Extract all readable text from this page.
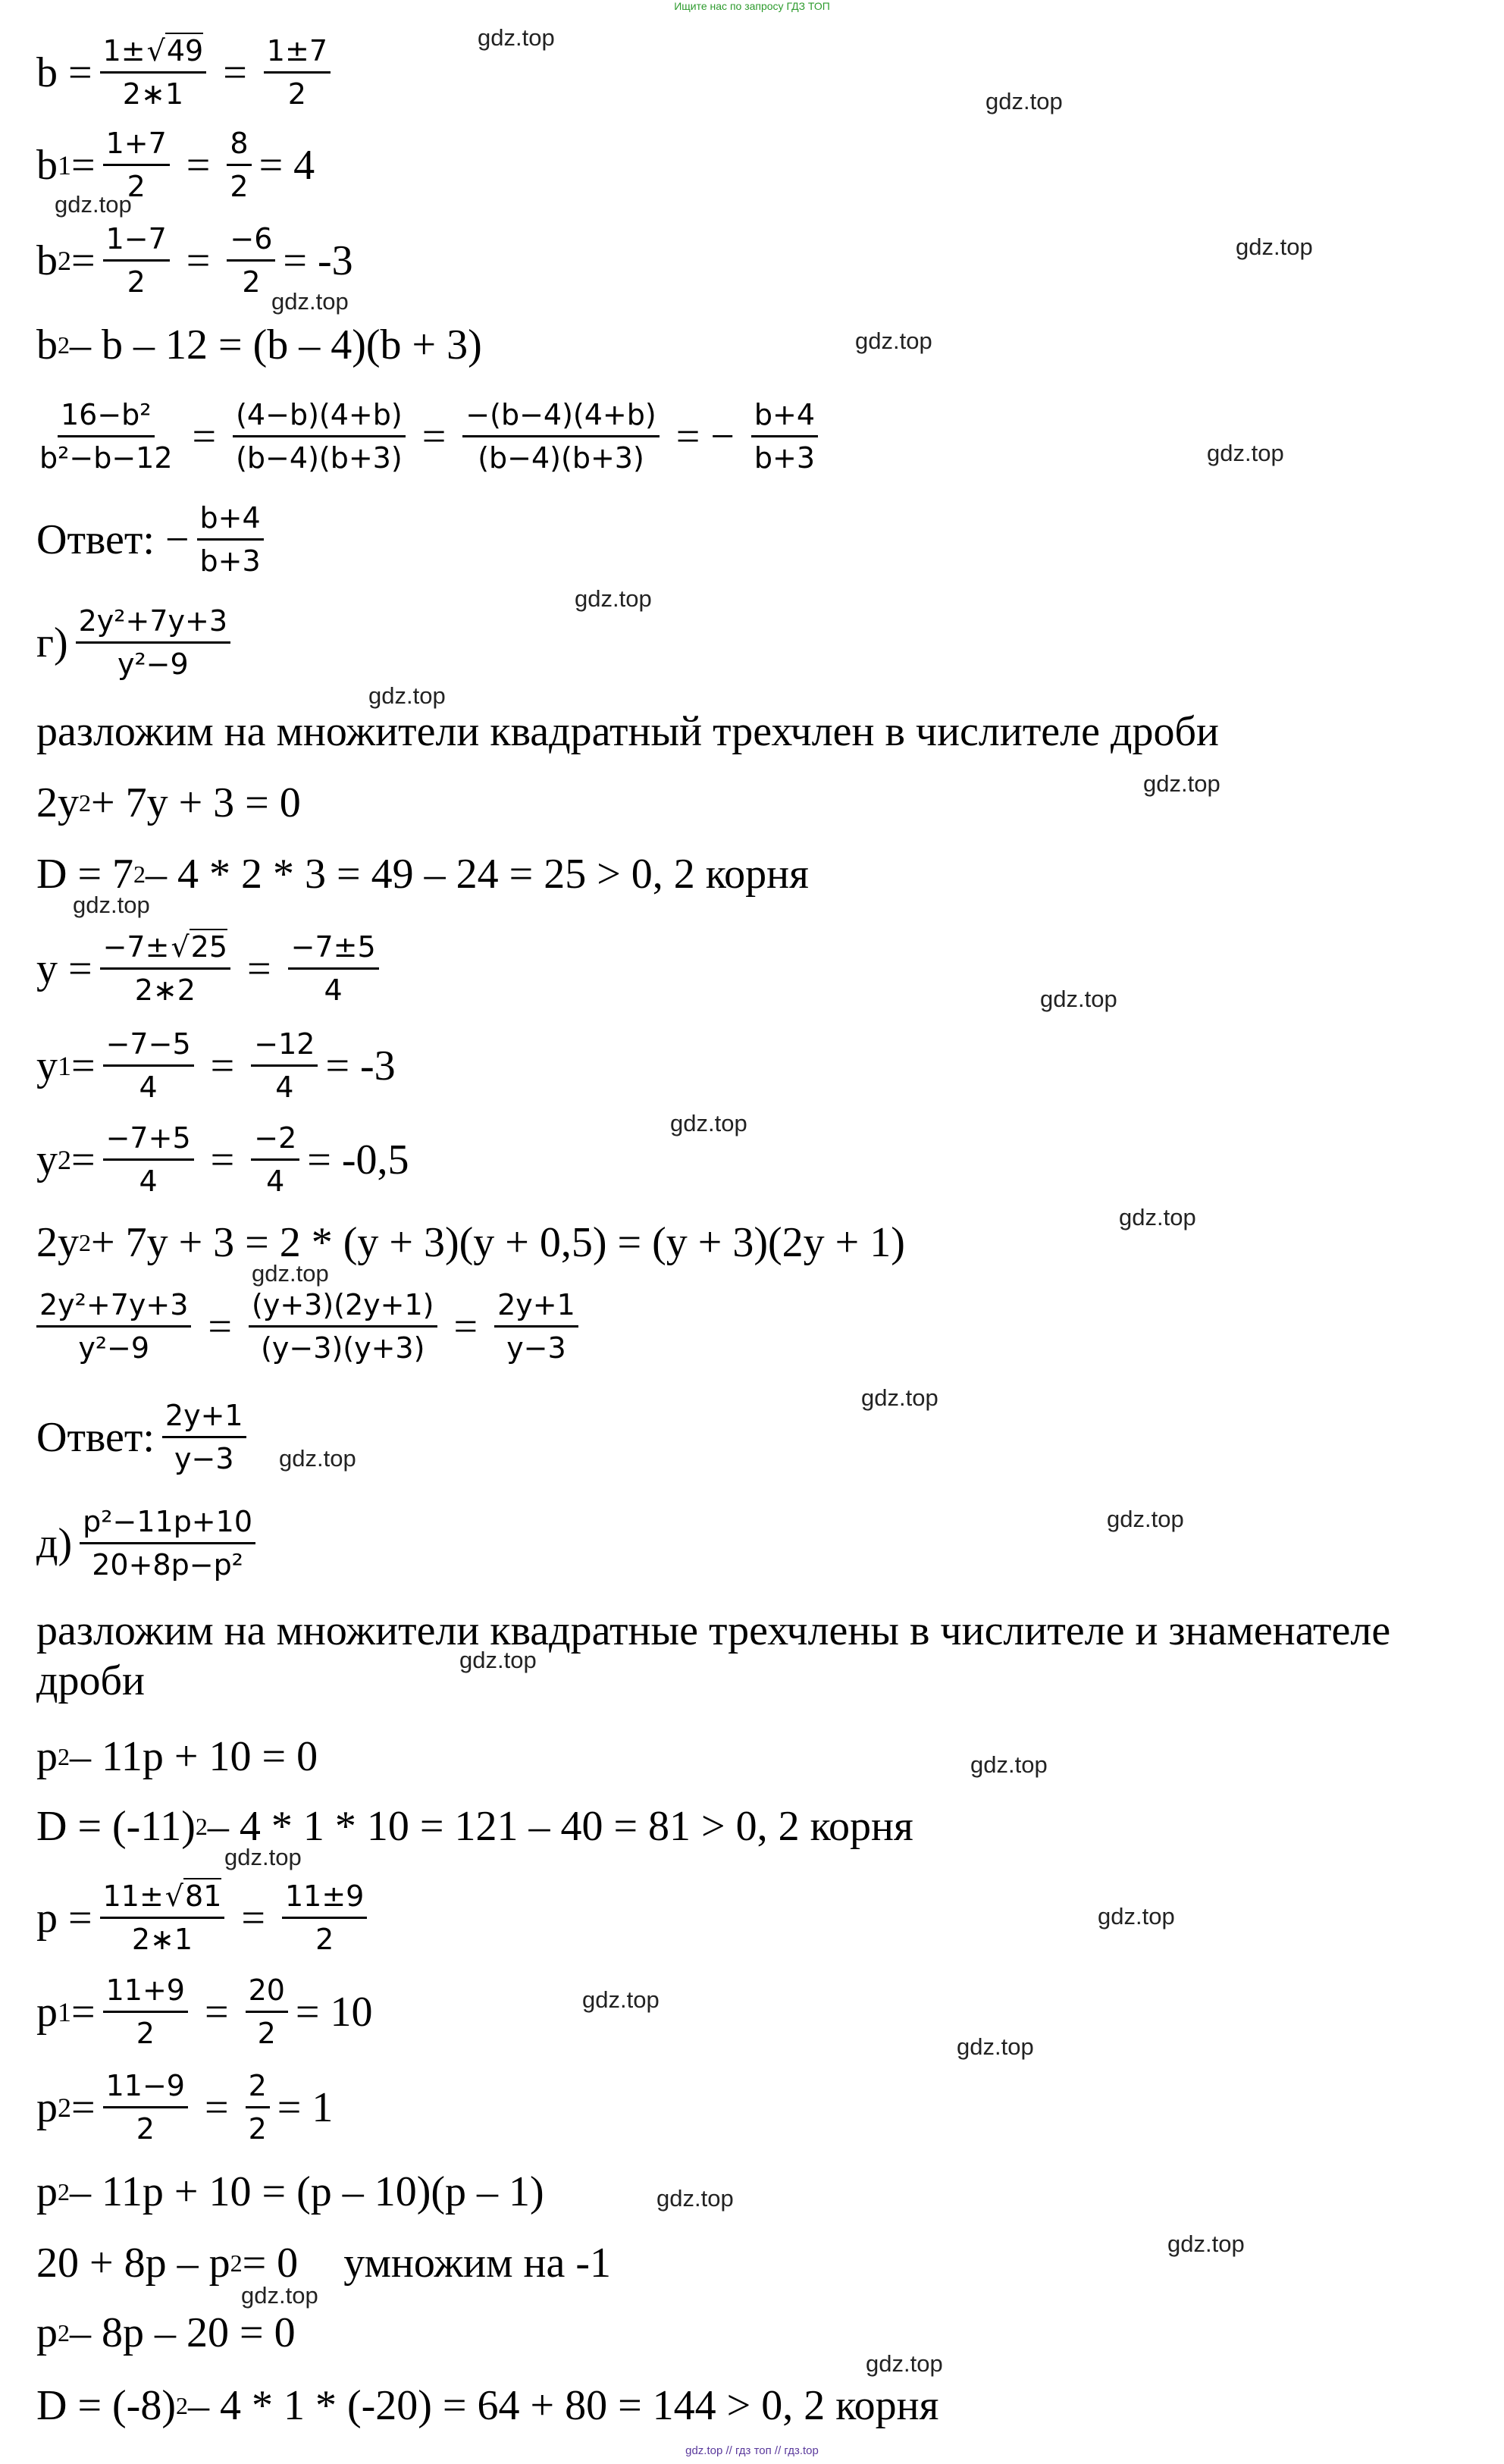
Ищите нас по запросу ГДЗ ТОП
gdz.top
gdz.top
gdz.top
gdz.top
gdz.top
gdz.top
gdz.top
gdz.top
gdz.top
gdz.top
gdz.top
gdz.top
gdz.top
gdz.top
gdz.top
gdz.top
gdz.top
gdz.top
gdz.top
gdz.top
gdz.top
gdz.top
gdz.top
gdz.top
gdz.top
gdz.top
gdz.top
gdz.top
$b = \frac{1\pm√49}{2∗1} = \frac{1\pm 7}{2}$
b $1 = \frac{1+7}{2} = \frac{8}{2} = 4$
b $2 = \frac{1-7}{2} = \frac{-6}{2} = -3$
b 2 – b – 12 = (b – 4)(b + 3)
$\frac{\text{16−b²}}{\text{b²−b−12}} = \frac{(4-b)(4+b)}{(b-4)(b+3)} = \frac{-(b-4)(4+b)}{(b-4)(b+3)}$ = − $\frac{b+4}{b+3}$
Ответ: − $\frac{b+4}{b+3}$
$г) \frac{\text{2y²+7y+3}}{\text{y²−9}}$
разложим на множители квадратный трехчлен в числителе дроби
2y 2 + 7y + 3 = 0
D = 7 2 – 4 * 2 * 3 = 49 – 24 = 25 > 0, 2 корня
$y = \frac{-7\pm√25}{2∗2} = \frac{-7\pm 5}{4}$
y $1 = \frac{-7-5}{4} = \frac{-12}{4} = -3$
y $2 = \frac{-7+5}{4} = \frac{-2}{4} = -0,5$
2y 2 + 7y + 3 = 2 * (y + 3)(y + 0,5) = (y + 3)(2y + 1)
$\frac{\text{2y²+7y+3}}{\text{y²−9}} = \frac{(y+3)(2y+1)}{(y-3)(y+3)} = \frac{2y+1}{y-3}$
Ответ: $\frac{2y+1}{y-3}$
$д) \frac{\text{p²−11p+10}}{\text{20+8p−p²}}$
разложим на множители квадратные трехчлены в числителе и знаменателе дроби
p 2 – 11p + 10 = 0
D = (-11) 2 – 4 * 1 * 10 = 121 – 40 = 81 > 0, 2 корня
$p = \frac{11\pm√81}{2∗1} = \frac{11\pm 9}{2}$
p $1 = \frac{11+9}{2} = \frac{20}{2} = 10$
p $2 = \frac{11-9}{2} = \frac{2}{2} = 1$
p 2 – 11p + 10 = (p – 10)(p – 1)
20 + 8p – p 2 = 0 умножим на -1
p 2 – 8p – 20 = 0
D = (-8) 2 – 4 * 1 * (-20) = 64 + 80 = 144 > 0, 2 корня
gdz.top // гдз топ // гдз.top
